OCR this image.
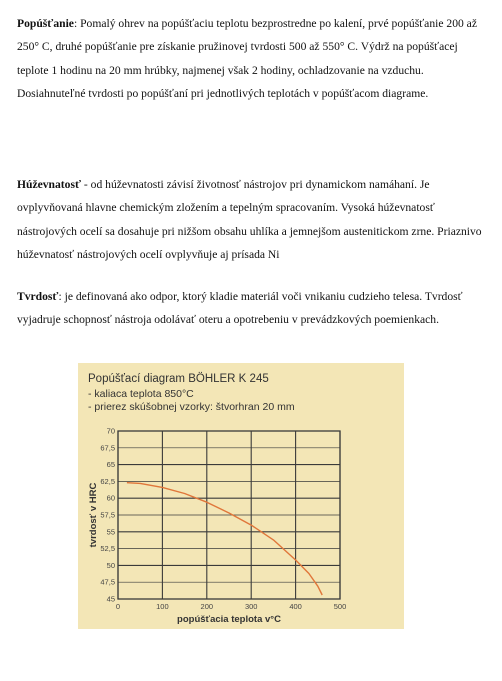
Popúšťanie: Pomalý ohrev na popúšťaciu teplotu bezprostredne po kalení, prvé popúšťanie 200 až 250° C, druhé popúšťanie pre získanie pružinovej tvrdosti 500 až 550° C. Výdrž na popúšťacej teplote 1 hodinu na 20 mm hrúbky, najmenej však 2 hodiny, ochladzovanie na vzduchu. Dosiahnuteľné tvrdosti po popúšťaní pri jednotlivých teplotách v popúšťacom diagrame.

Húževnatosť - od húževnatosti závisí životnosť nástrojov pri dynamickom namáhaní. Je ovplyvňovaná hlavne chemickým zložením a tepelným spracovaním. Vysoká húževnatosť nástrojových ocelí sa dosahuje pri nižšom obsahu uhlíka a jemnejšom austenitickom zrne. Priaznivo húževnatosť nástrojových ocelí ovplyvňuje aj prísada Ni

Tvrdosť: je definovaná ako odpor, ktorý kladie materiál voči vnikaniu cudzieho telesa. Tvrdosť vyjadruje schopnosť nástroja odolávať oteru a opotrebeniu v prevádzkových poemienkach.

Popúšťací diagram BÖHLER K 245
- kaliaca teplota 850°C
- prierez skúšobnej vzorky: štvorhran 20 mm
45
47,5
50
52,5
55
57,5
60
62,5
65
67,5
70
0	100	200	300	400	500
popúšťacia teplota v°C
tvrdosť v HRC
